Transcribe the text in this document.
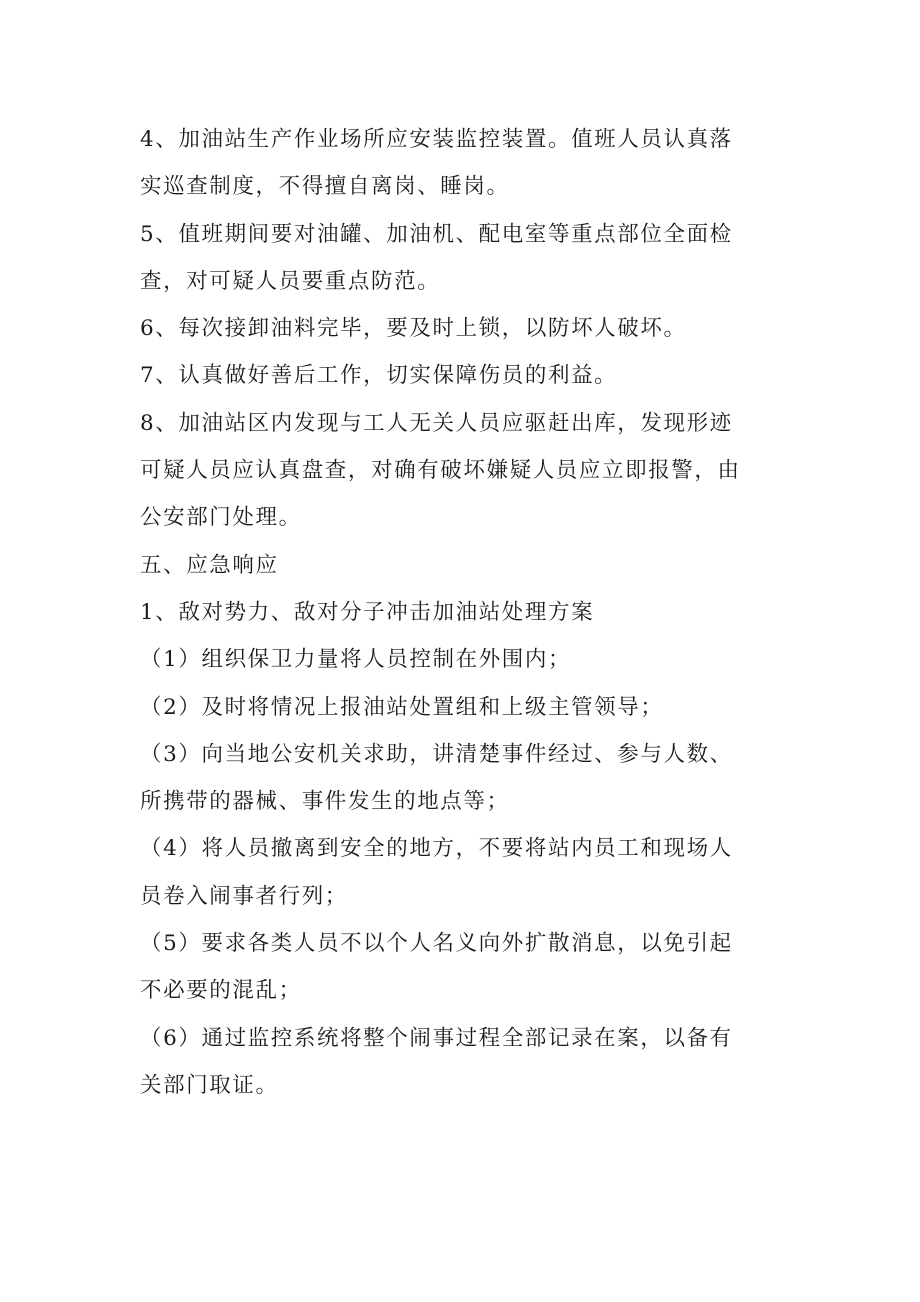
4、加油站生产作业场所应安装监控装置。值班人员认真落
实巡查制度，不得擅自离岗、睡岗。

5、值班期间要对油罐、加油机、配电室等重点部位全面检
查，对可疑人员要重点防范。

6、每次接卸油料完毕，要及时上锁，以防坏人破坏。

7、认真做好善后工作，切实保障伤员的利益。

8、加油站区内发现与工人无关人员应驱赶出库，发现形迹
可疑人员应认真盘查，对确有破坏嫌疑人员应立即报警，由
公安部门处理。

五、应急响应

1、敌对势力、敌对分子冲击加油站处理方案

（1）组织保卫力量将人员控制在外围内；

（2）及时将情况上报油站处置组和上级主管领导；

（3）向当地公安机关求助，讲清楚事件经过、参与人数、
所携带的器械、事件发生的地点等；

（4）将人员撤离到安全的地方，不要将站内员工和现场人
员卷入闹事者行列；

（5）要求各类人员不以个人名义向外扩散消息，以免引起
不必要的混乱；

（6）通过监控系统将整个闹事过程全部记录在案，以备有
关部门取证。
